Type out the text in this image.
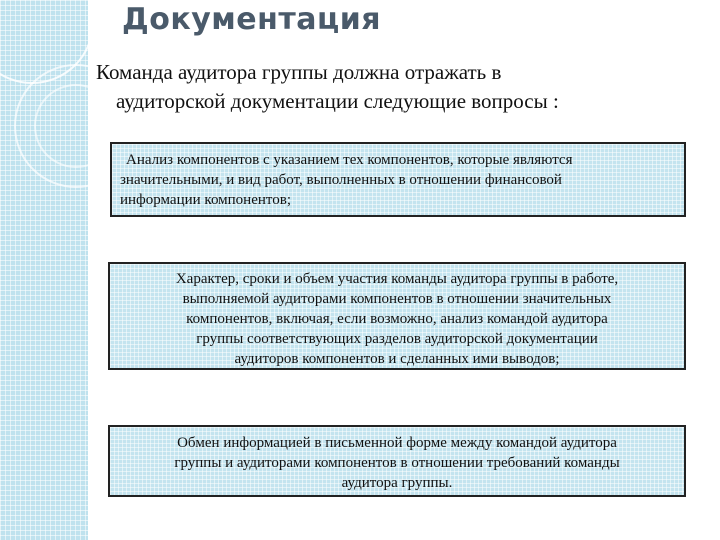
Документация
Команда аудитора группы должна отражать в
аудиторской документации следующие вопросы :
Анализ компонентов с указанием тех компонентов, которые являются
значительными, и вид работ, выполненных в отношении финансовой
информации компонентов;
Характер, сроки и объем участия команды аудитора группы в работе,
выполняемой аудиторами компонентов в отношении значительных
компонентов, включая, если возможно, анализ командой аудитора
группы соответствующих разделов аудиторской документации
аудиторов компонентов и сделанных ими выводов;
Обмен информацией в письменной форме между командой аудитора
группы и аудиторами компонентов в отношении требований команды
аудитора группы.
